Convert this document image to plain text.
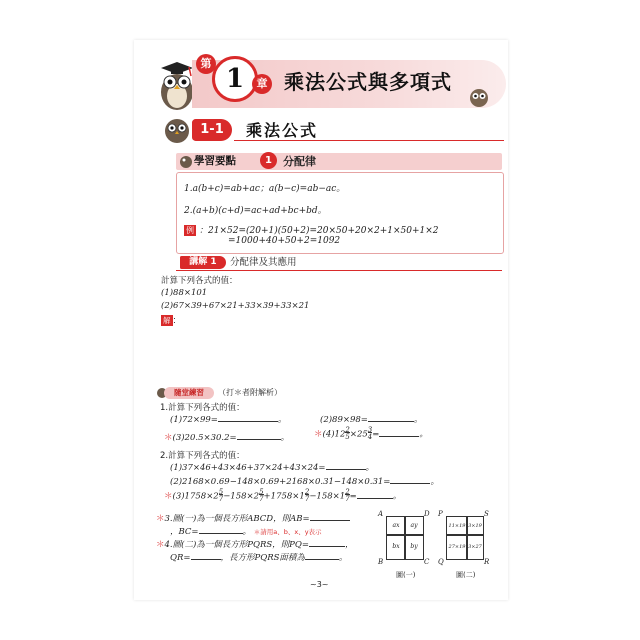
第
1	章 乘法公式與多項式
1-1	乘法公式
學習要點	1	分配律
1.a(b+c)=ab+ac；a(b−c)=ab−ac。
2.(a+b)(c+d)=ac+ad+bc+bd。
例 ：21×52=(20+1)(50+2)=20×50+20×2+1×50+1×2
=1000+40+50+2=1092
講解 1	分配律及其應用
計算下列各式的值：
(1)88×101
(2)67×39+67×21+33×39+33×21
解 ：
隨堂練習	（打＊者附解析）
1.計算下列各式的值：
(1)72×99=	。	(2)89×98=	。
＊(3)20.5×30.2=	。	$*(4)12\frac{2}{5}\times 25\frac{3}{4}=$	。
2.計算下列各式的值：
(1)37×46+43×46+37×24+43×24=	。
(2)2168×0.69−148×0.69+2168×0.31−148×0.31=	。
$*(3)1758\times 2\frac{5}{7}-158\times 2\frac{5}{7}+1758\times 1\frac{2}{7}-158\times 1\frac{2}{7}=$	。
＊3.圖(一)為一個長方形ABCD，則AB=
，BC=	。 ＊請用a、b、x、y表示
＊4.圖(二)為一個長方形PQRS，則PQ=	，
QR=	，長方形PQRS面積為	。
A	D
B	C
ax	ay
bx	by
圖(一)
P	S
Q	R
11×19 3×19
27×19 3×27
圖(二)
~3~
